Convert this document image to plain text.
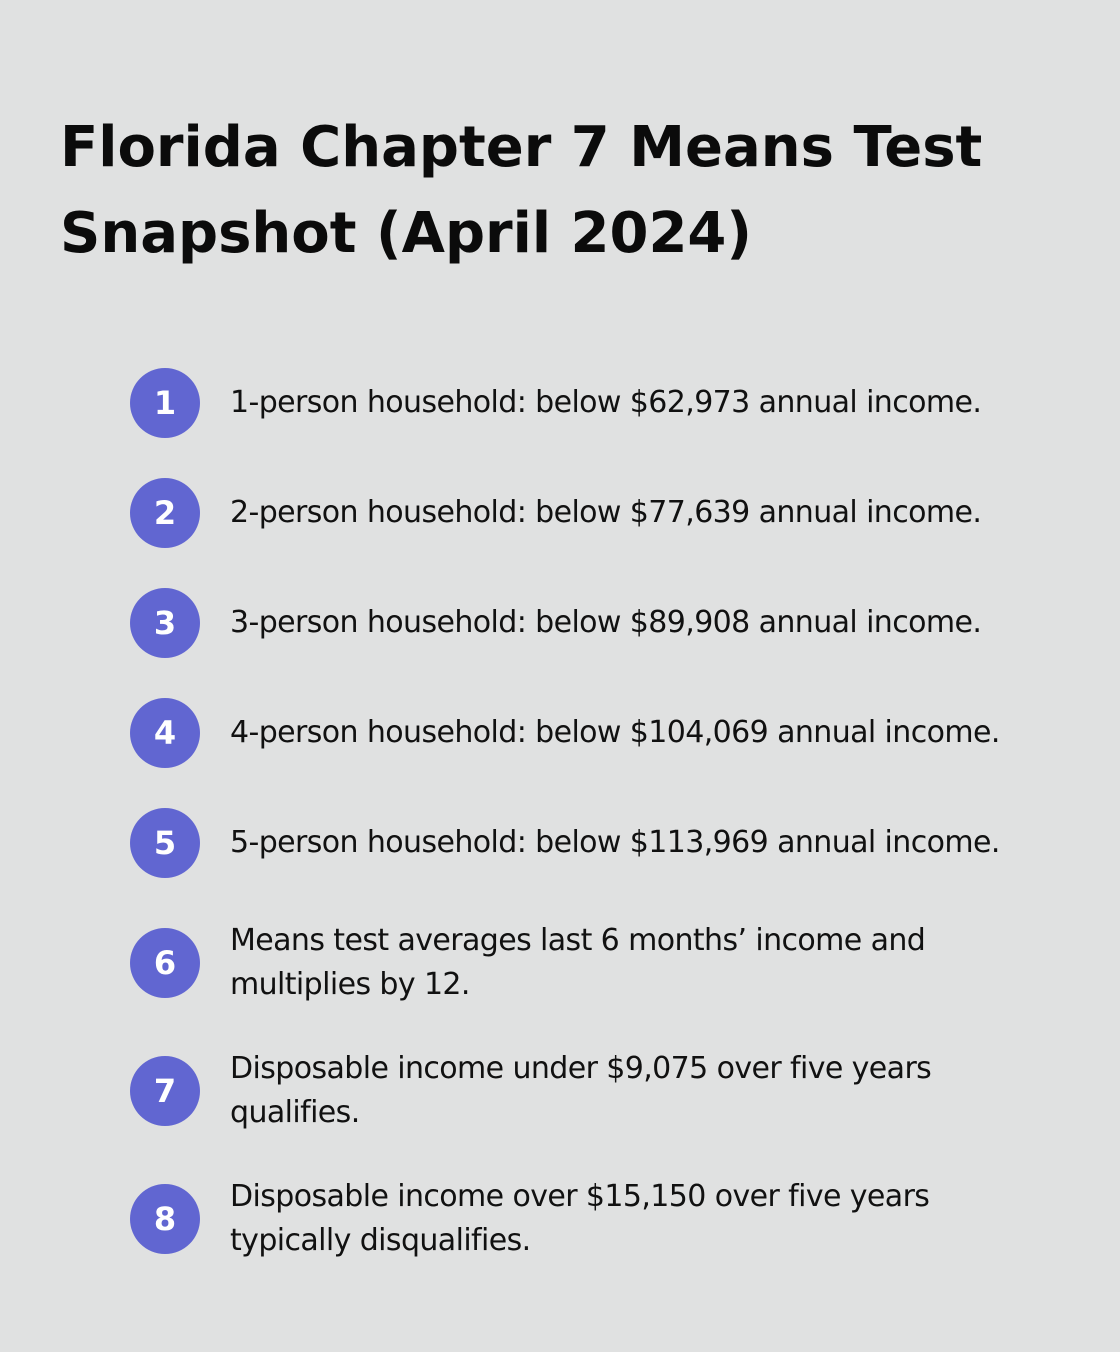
Florida Chapter 7 Means Test Snapshot (April 2024)
1	1-person household: below $62,973 annual income.
2	2-person household: below $77,639 annual income.
3	3-person household: below $89,908 annual income.
4	4-person household: below $104,069 annual income.
5	5-person household: below $113,969 annual income.
6
Means test averages last 6 months’ income and multiplies by 12.
7
Disposable income under $9,075 over five years qualifies.
8
Disposable income over $15,150 over five years typically disqualifies.
